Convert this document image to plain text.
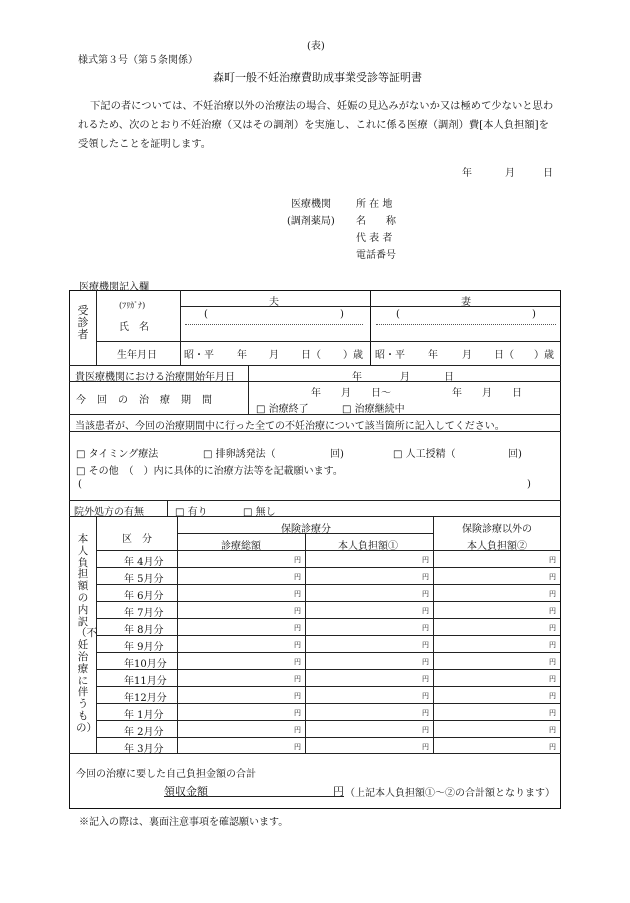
(表)
様式第３号（第５条関係）
森町一般不妊治療費助成事業受診等証明書
下記の者については、不妊治療以外の治療法の場合、妊娠の見込みがないか又は極めて少ないと思われるため、次のとおり不妊治療（又はその調剤）を実施し、これに係る医療（調剤）費[本人負担額]を受領したことを証明します。
年	月	日
医療機関
(調剤薬局)
所 在 地
名　　称
代 表 者
電話番号
医療機関記入欄
受診者
夫	妻
(ﾌﾘｶﾞﾅ)
氏　名
(	)	(	)
生年月日	昭・平 年 月 日（ ）歳 昭・平 年 月 日（ ）歳
貴医療機関における治療開始年月日	年	月	日
今　回　の　治　療　期　間
年　　月　　日〜	年　　月　　日
□ 治療終了	□ 治療継続中
当該患者が、今回の治療期間中に行った全ての不妊治療について該当箇所に記入してください。
□ タイミング療法	□ 排卵誘発法（	回)	□ 人工授精（	回)
□ その他　（　）内に具体的に治療方法等を記載願います。
(	)
院外処方の有無	□ 有り	□ 無し
本人負担額の内訳（不妊治療に伴うもの）
区　分
保険診療分
診療総額	本人負担額①
保険診療以外の
本人負担額②
年 4月分	円	円	円
年 5月分	円	円	円
年 6月分	円	円	円
年 7月分	円	円	円
年 8月分	円	円	円
年 9月分	円	円	円
年10月分	円	円	円
年11月分	円	円	円
年12月分	円	円	円
年 1月分	円	円	円
年 2月分	円	円	円
年 3月分	円	円	円
今回の治療に要した自己負担金額の合計
領収金額	円 （上記本人負担額①〜②の合計額となります）
※記入の際は、裏面注意事項を確認願います。
